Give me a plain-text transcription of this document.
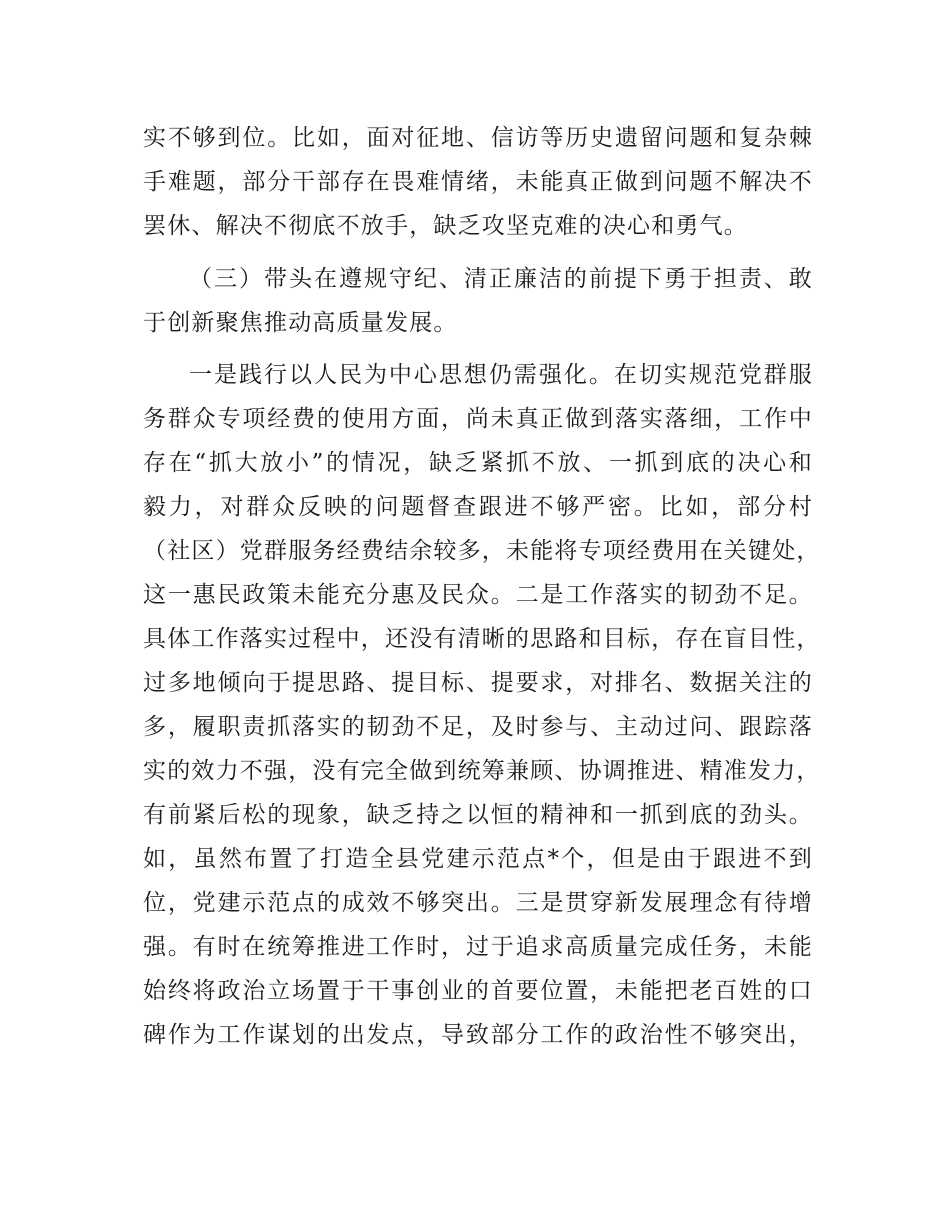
实不够到位。比如，面对征地、信访等历史遗留问题和复杂棘
手难题，部分干部存在畏难情绪，未能真正做到问题不解决不
罢休、解决不彻底不放手，缺乏攻坚克难的决心和勇气。
（三）带头在遵规守纪、清正廉洁的前提下勇于担责、敢
于创新聚焦推动高质量发展。
一是践行以人民为中心思想仍需强化。在切实规范党群服
务群众专项经费的使用方面，尚未真正做到落实落细，工作中
存在“抓大放小”的情况，缺乏紧抓不放、一抓到底的决心和
毅力，对群众反映的问题督查跟进不够严密。比如，部分村
（社区）党群服务经费结余较多，未能将专项经费用在关键处，
这一惠民政策未能充分惠及民众。二是工作落实的韧劲不足。
具体工作落实过程中，还没有清晰的思路和目标，存在盲目性，
过多地倾向于提思路、提目标、提要求，对排名、数据关注的
多，履职责抓落实的韧劲不足，及时参与、主动过问、跟踪落
实的效力不强，没有完全做到统筹兼顾、协调推进、精准发力，
有前紧后松的现象，缺乏持之以恒的精神和一抓到底的劲头。
如，虽然布置了打造全县党建示范点*个，但是由于跟进不到
位，党建示范点的成效不够突出。三是贯穿新发展理念有待增
强。有时在统筹推进工作时，过于追求高质量完成任务，未能
始终将政治立场置于干事创业的首要位置，未能把老百姓的口
碑作为工作谋划的出发点，导致部分工作的政治性不够突出，
